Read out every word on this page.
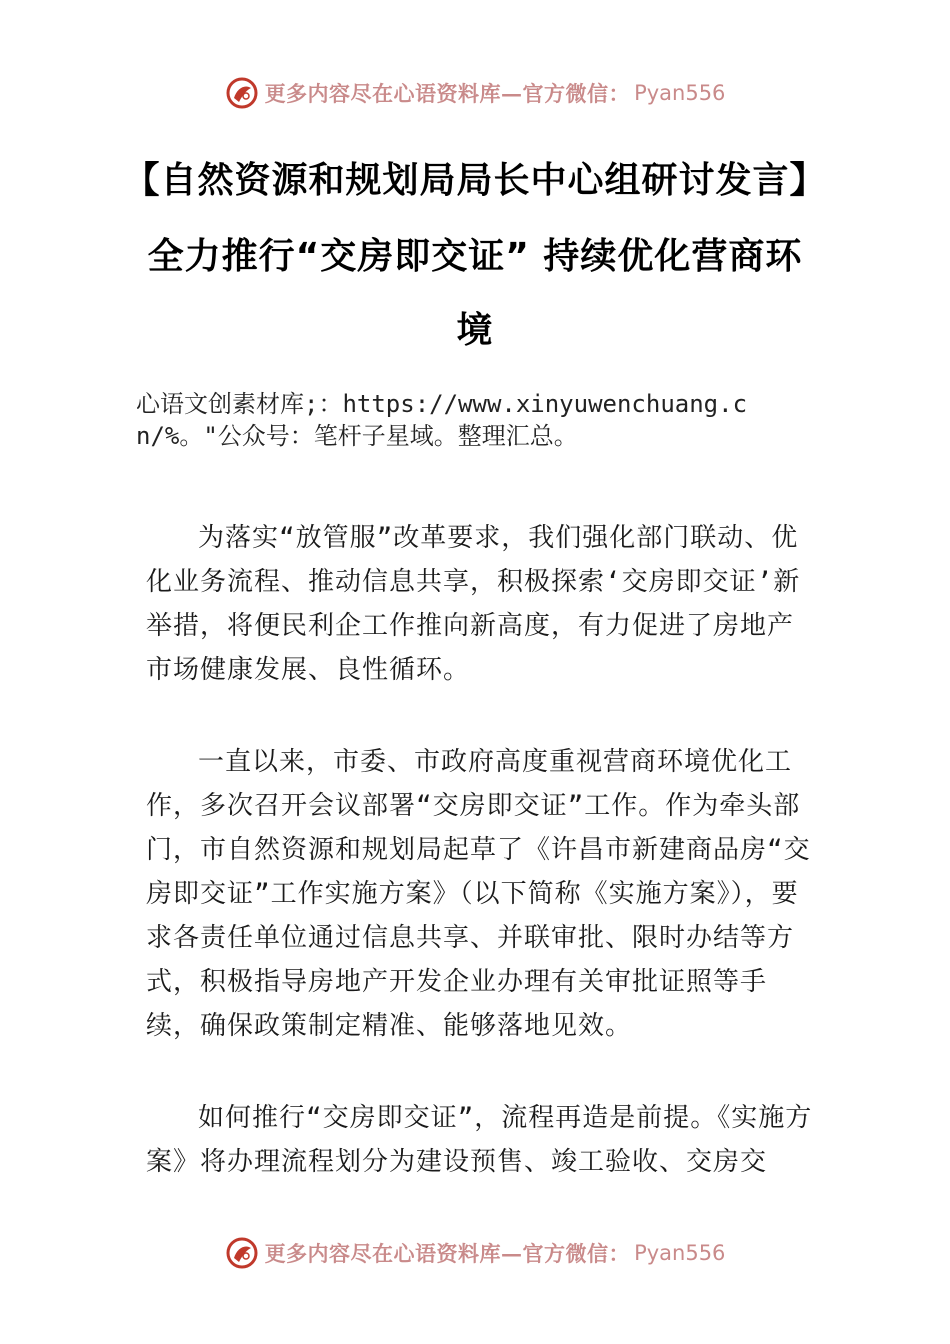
更多内容尽在心语资料库—官方微信： Pyan556
【自然资源和规划局局长中心组研讨发言】
全力推行“交房即交证” 持续优化营商环
境
心语文创素材库;：https://www.xinyuwenchuang.cn/%。"公众号：笔杆子星域。整理汇总。
为落实“放管服”改革要求，我们强化部门联动、优化业务流程、推动信息共享，积极探索‘交房即交证’新举措，将便民利企工作推向新高度，有力促进了房地产市场健康发展、良性循环。
一直以来，市委、市政府高度重视营商环境优化工作，多次召开会议部署“交房即交证”工作。作为牵头部门，市自然资源和规划局起草了《许昌市新建商品房“交房即交证”工作实施方案》（以下简称《实施方案》），要求各责任单位通过信息共享、并联审批、限时办结等方式，积极指导房地产开发企业办理有关审批证照等手续，确保政策制定精准、能够落地见效。
如何推行“交房即交证”，流程再造是前提。《实施方案》将办理流程划分为建设预售、竣工验收、交房交
更多内容尽在心语资料库—官方微信： Pyan556
